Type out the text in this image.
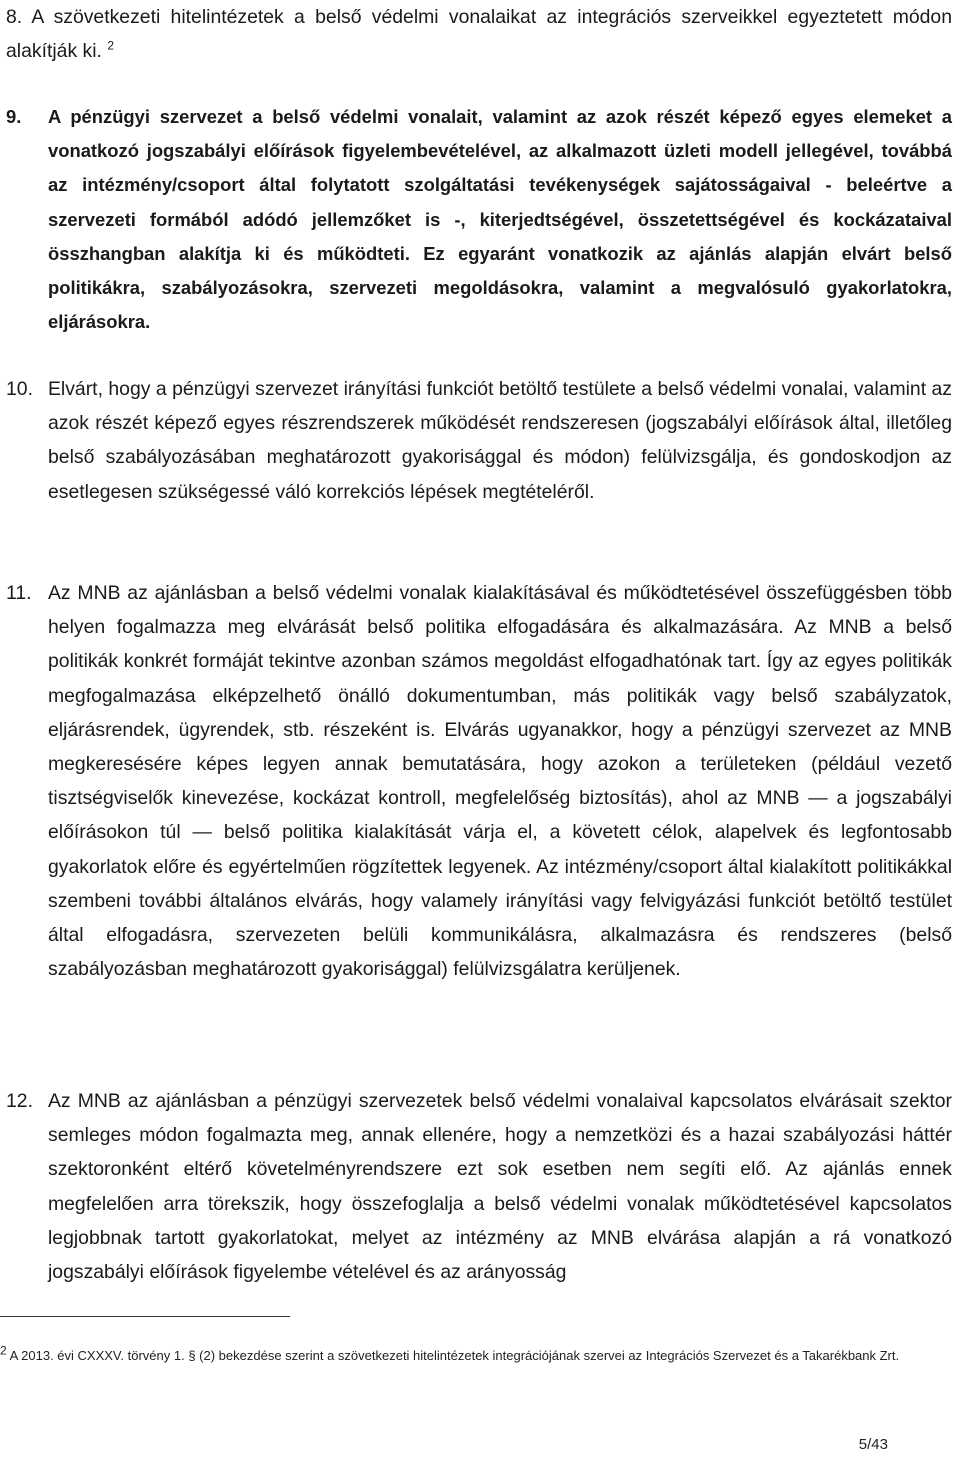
8. A szövetkezeti hitelintézetek a belső védelmi vonalaikat az integrációs szerveikkel egyeztetett módon alakítják ki. $^2$
9. A pénzügyi szervezet a belső védelmi vonalait, valamint az azok részét képező egyes elemeket a vonatkozó jogszabályi előírások figyelembevételével, az alkalmazott üzleti modell jellegével, továbbá az intézmény/csoport által folytatott szolgáltatási tevékenységek sajátosságaival - beleértve a szervezeti formából adódó jellemzőket is -, kiterjedtségével, összetettségével és kockázataival összhangban alakítja ki és működteti. Ez egyaránt vonatkozik az ajánlás alapján elvárt belső politikákra, szabályozásokra, szervezeti megoldásokra, valamint a megvalósuló gyakorlatokra, eljárásokra.
10. Elvárt, hogy a pénzügyi szervezet irányítási funkciót betöltő testülete a belső védelmi vonalai, valamint az azok részét képező egyes részrendszerek működését rendszeresen (jogszabályi előírások által, illetőleg belső szabályozásában meghatározott gyakorisággal és módon) felülvizsgálja, és gondoskodjon az esetlegesen szükségessé váló korrekciós lépések megtételéről.
11. Az MNB az ajánlásban a belső védelmi vonalak kialakításával és működtetésével összefüggésben több helyen fogalmazza meg elvárását belső politika elfogadására és alkalmazására. Az MNB a belső politikák konkrét formáját tekintve azonban számos megoldást elfogadhatónak tart. Így az egyes politikák megfogalmazása elképzelhető önálló dokumentumban, más politikák vagy belső szabályzatok, eljárásrendek, ügyrendek, stb. részeként is. Elvárás ugyanakkor, hogy a pénzügyi szervezet az MNB megkeresésére képes legyen annak bemutatására, hogy azokon a területeken (például vezető tisztségviselők kinevezése, kockázat kontroll, megfelelőség biztosítás), ahol az MNB — a jogszabályi előírásokon túl — belső politika kialakítását várja el, a követett célok, alapelvek és legfontosabb gyakorlatok előre és egyértelműen rögzítettek legyenek. Az intézmény/csoport által kialakított politikákkal szembeni további általános elvárás, hogy valamely irányítási vagy felvigyázási funkciót betöltő testület által elfogadásra, szervezeten belüli kommunikálásra, alkalmazásra és rendszeres (belső szabályozásban meghatározott gyakorisággal) felülvizsgálatra kerüljenek.
12. Az MNB az ajánlásban a pénzügyi szervezetek belső védelmi vonalaival kapcsolatos elvárásait szektor semleges módon fogalmazta meg, annak ellenére, hogy a nemzetközi és a hazai szabályozási háttér szektoronként eltérő követelményrendszere ezt sok esetben nem segíti elő. Az ajánlás ennek megfelelően arra törekszik, hogy összefoglalja a belső védelmi vonalak működtetésével kapcsolatos legjobbnak tartott gyakorlatokat, melyet az intézmény az MNB elvárása alapján a rá vonatkozó jogszabályi előírások figyelembe vételével és az arányosság
$^2$ A 2013. évi CXXXV. törvény 1. § (2) bekezdése szerint a szövetkezeti hitelintézetek integrációjának szervei az Integrációs Szervezet és a Takarékbank Zrt.
5/43
